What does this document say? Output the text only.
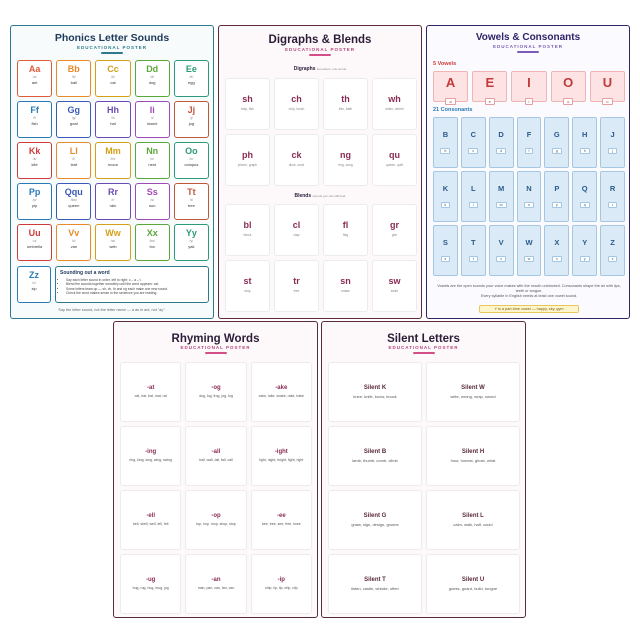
Phonics Letter Sounds
EDUCATIONAL POSTER
Aa
/a/
ant
Bb
/b/
ball
Cc
/k/
cat
Dd
/d/
dog
Ee
/e/
egg
Ff
/f/
fish
Gg
/g/
goat
Hh
/h/
hat
Ii
/i/
insect
Jj
/j/
jug
Kk
/k/
kite
Ll
/l/
leaf
Mm
/m/
moon
Nn
/n/
nest
Oo
/o/
octopus
Pp
/p/
pip
Qqu
/kw/
queen
Rr
/r/
rain
Ss
/s/
sun
Tt
/t/
tree
Uu
/u/
umbrella
Vv
/v/
van
Ww
/w/
web
Xx
/ks/
fox
Yy
/y/
yak
Zz
/z/
zip
Sounding out a word
• Say each letter sound in order, left to right: c – a – t.
• Blend the sounds together smoothly until the word appears: cat.
• Some letters team up — sh, ch, th and ng each make one new sound.
• Check the word makes sense in the sentence you are reading.
Say the letter sound, not the letter name — a as in ant, not "ay".
Digraphs & Blends
EDUCATIONAL POSTER
Digraphs two letters, one sound
sh
ship, fish
ch
chip, lunch
th
thin, bath
wh
when, wheel
ph
phone, graph
ck
duck, sock
ng
ring, song
qu
queen, quilt
Blends sounds you can still hear
bl
block
cl
clap
fl
flag
gr
grin
st
stop
tr
tree
sn
snake
sw
swim
Vowels & Consonants
EDUCATIONAL POSTER
5 Vowels
A
a
E
e
I
i
O
o
U
u
21 Consonants
B
b
C
c
D
d
F
f
G
g
H
h
J
j
K
k
L
l
M
m
N
n
P
p
Q
q
R
r
S
s
T
t
V
v
W
w
X
x
Y
y
Z
z
Vowels are the open sounds your voice makes with the mouth unblocked. Consonants shape the air with lips, teeth or tongue.
Every syllable in English needs at least one vowel sound.
Y is a part-time vowel — happy, sky, gym
Rhyming Words
EDUCATIONAL POSTER
-at
cat, hat, bat, mat, rat
-og
dog, log, frog, jog, fog
-ake
cake, lake, snake, rake, bake
-ing
ring, king, sing, wing, swing
-all
ball, wall, tall, fall, call
-ight
light, night, bright, fight, right
-ell
bell, shell, well, tell, fell
-op
top, hop, mop, shop, stop
-ee
bee, tree, see, free, knee
-ug
bug, rug, hug, mug, jug
-an
man, pan, can, fan, van
-ip
ship, lip, tip, drip, clip
Silent Letters
EDUCATIONAL POSTER
Silent K
knee, knife, know, knock
Silent W
write, wrong, wrap, sword
Silent B
lamb, thumb, comb, climb
Silent H
hour, honest, ghost, what
Silent G
gnaw, sign, design, gnome
Silent L
calm, walk, half, could
Silent T
listen, castle, whistle, often
Silent U
guess, guard, build, tongue
